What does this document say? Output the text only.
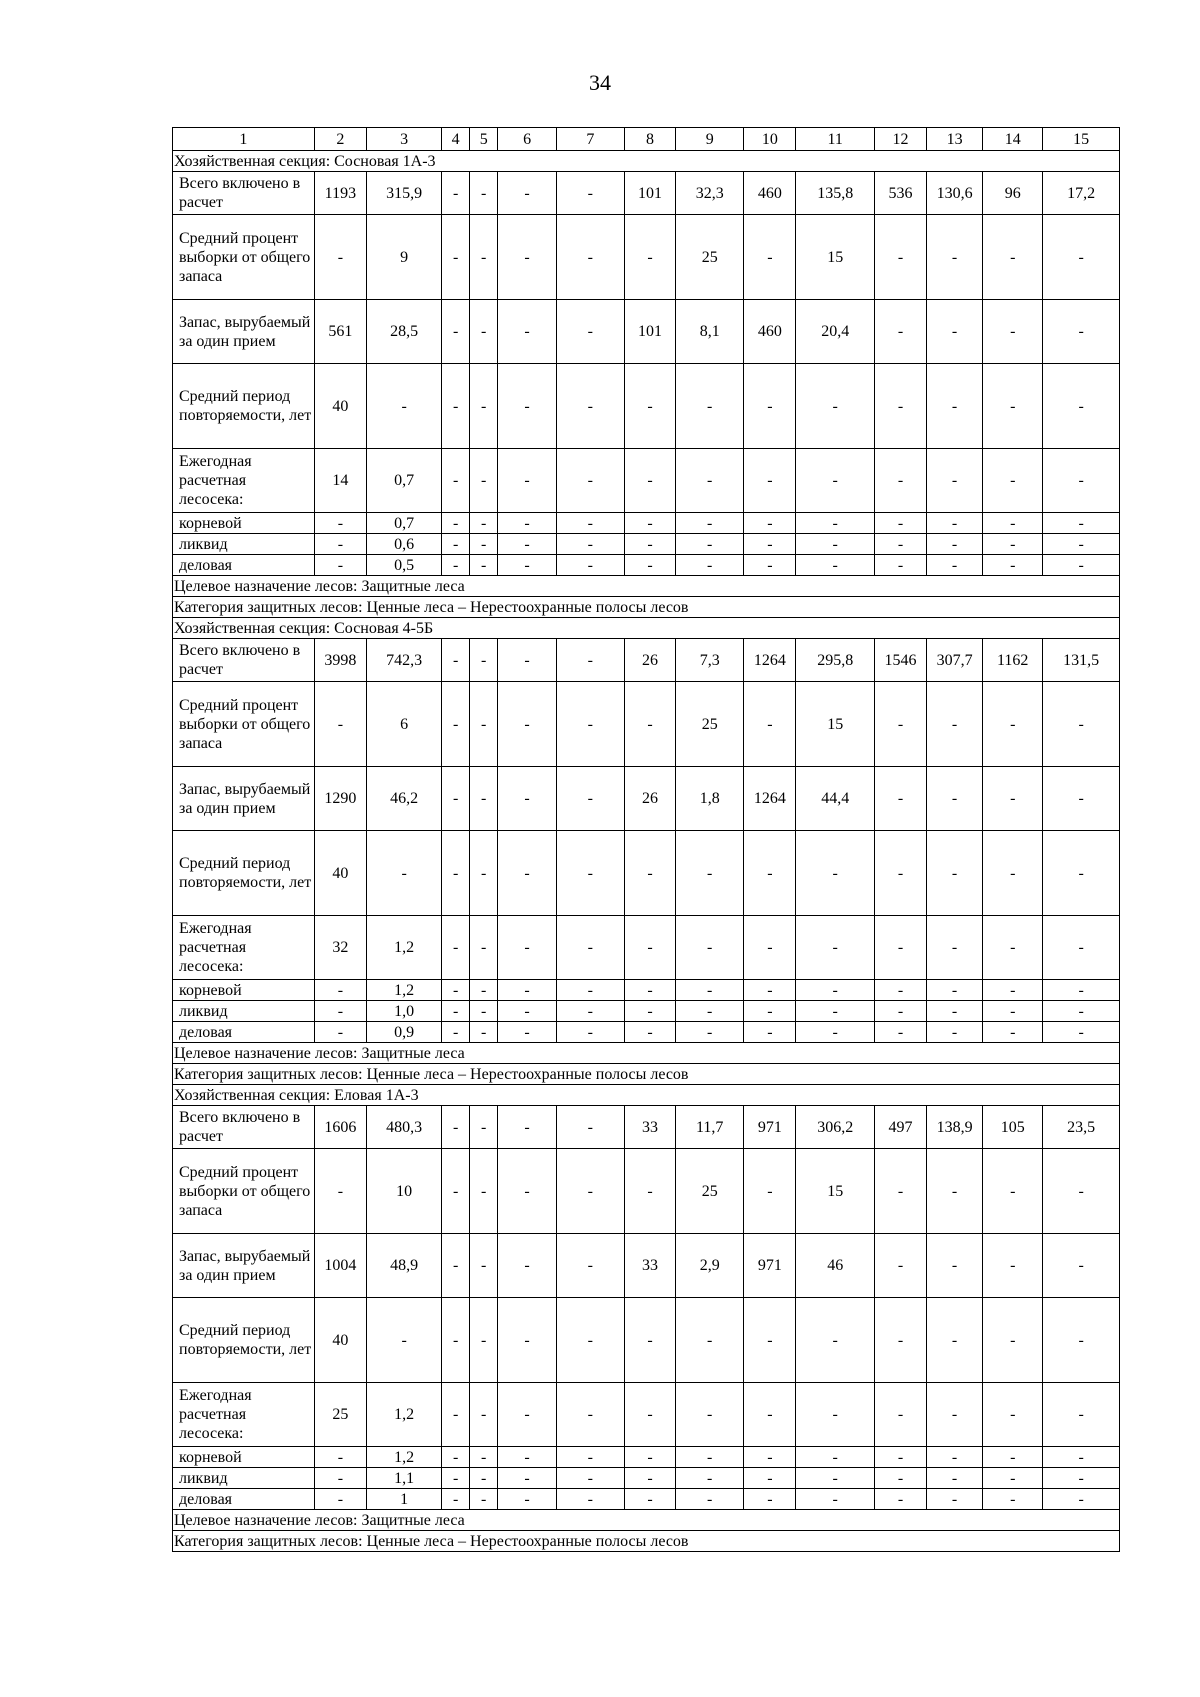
34
1	2	3	4	5	6	7	8	9	10	11	12	13	14	15
Хозяйственная секция: Сосновая 1А-3														
Всего включено в расчет	1193	315,9	-	-	-	-	101	32,3	460	135,8	536	130,6	96	17,2
Средний процент выборки от общего запаса	-	9	-	-	-	-	-	25	-	15	-	-	-	-
Запас, вырубаемый за один прием	561	28,5	-	-	-	-	101	8,1	460	20,4	-	-	-	-
Средний период повторяемости, лет	40	-	-	-	-	-	-	-	-	-	-	-	-	-
Ежегодная расчетная лесосека:	14	0,7	-	-	-	-	-	-	-	-	-	-	-	-
корневой	-	0,7	-	-	-	-	-	-	-	-	-	-	-	-
ликвид	-	0,6	-	-	-	-	-	-	-	-	-	-	-	-
деловая	-	0,5	-	-	-	-	-	-	-	-	-	-	-	-
Целевое назначение лесов: Защитные леса														
Категория защитных лесов: Ценные леса – Нерестоохранные полосы лесов														
Хозяйственная секция: Сосновая 4-5Б														
Всего включено в расчет	3998	742,3	-	-	-	-	26	7,3	1264	295,8	1546	307,7	1162	131,5
Средний процент выборки от общего запаса	-	6	-	-	-	-	-	25	-	15	-	-	-	-
Запас, вырубаемый за один прием	1290	46,2	-	-	-	-	26	1,8	1264	44,4	-	-	-	-
Средний период повторяемости, лет	40	-	-	-	-	-	-	-	-	-	-	-	-	-
Ежегодная расчетная лесосека:	32	1,2	-	-	-	-	-	-	-	-	-	-	-	-
корневой	-	1,2	-	-	-	-	-	-	-	-	-	-	-	-
ликвид	-	1,0	-	-	-	-	-	-	-	-	-	-	-	-
деловая	-	0,9	-	-	-	-	-	-	-	-	-	-	-	-
Целевое назначение лесов: Защитные леса														
Категория защитных лесов: Ценные леса – Нерестоохранные полосы лесов														
Хозяйственная секция: Еловая 1А-3														
Всего включено в расчет	1606	480,3	-	-	-	-	33	11,7	971	306,2	497	138,9	105	23,5
Средний процент выборки от общего запаса	-	10	-	-	-	-	-	25	-	15	-	-	-	-
Запас, вырубаемый за один прием	1004	48,9	-	-	-	-	33	2,9	971	46	-	-	-	-
Средний период повторяемости, лет	40	-	-	-	-	-	-	-	-	-	-	-	-	-
Ежегодная расчетная лесосека:	25	1,2	-	-	-	-	-	-	-	-	-	-	-	-
корневой	-	1,2	-	-	-	-	-	-	-	-	-	-	-	-
ликвид	-	1,1	-	-	-	-	-	-	-	-	-	-	-	-
деловая	-	1	-	-	-	-	-	-	-	-	-	-	-	-
Целевое назначение лесов: Защитные леса														
Категория защитных лесов: Ценные леса – Нерестоохранные полосы лесов														
